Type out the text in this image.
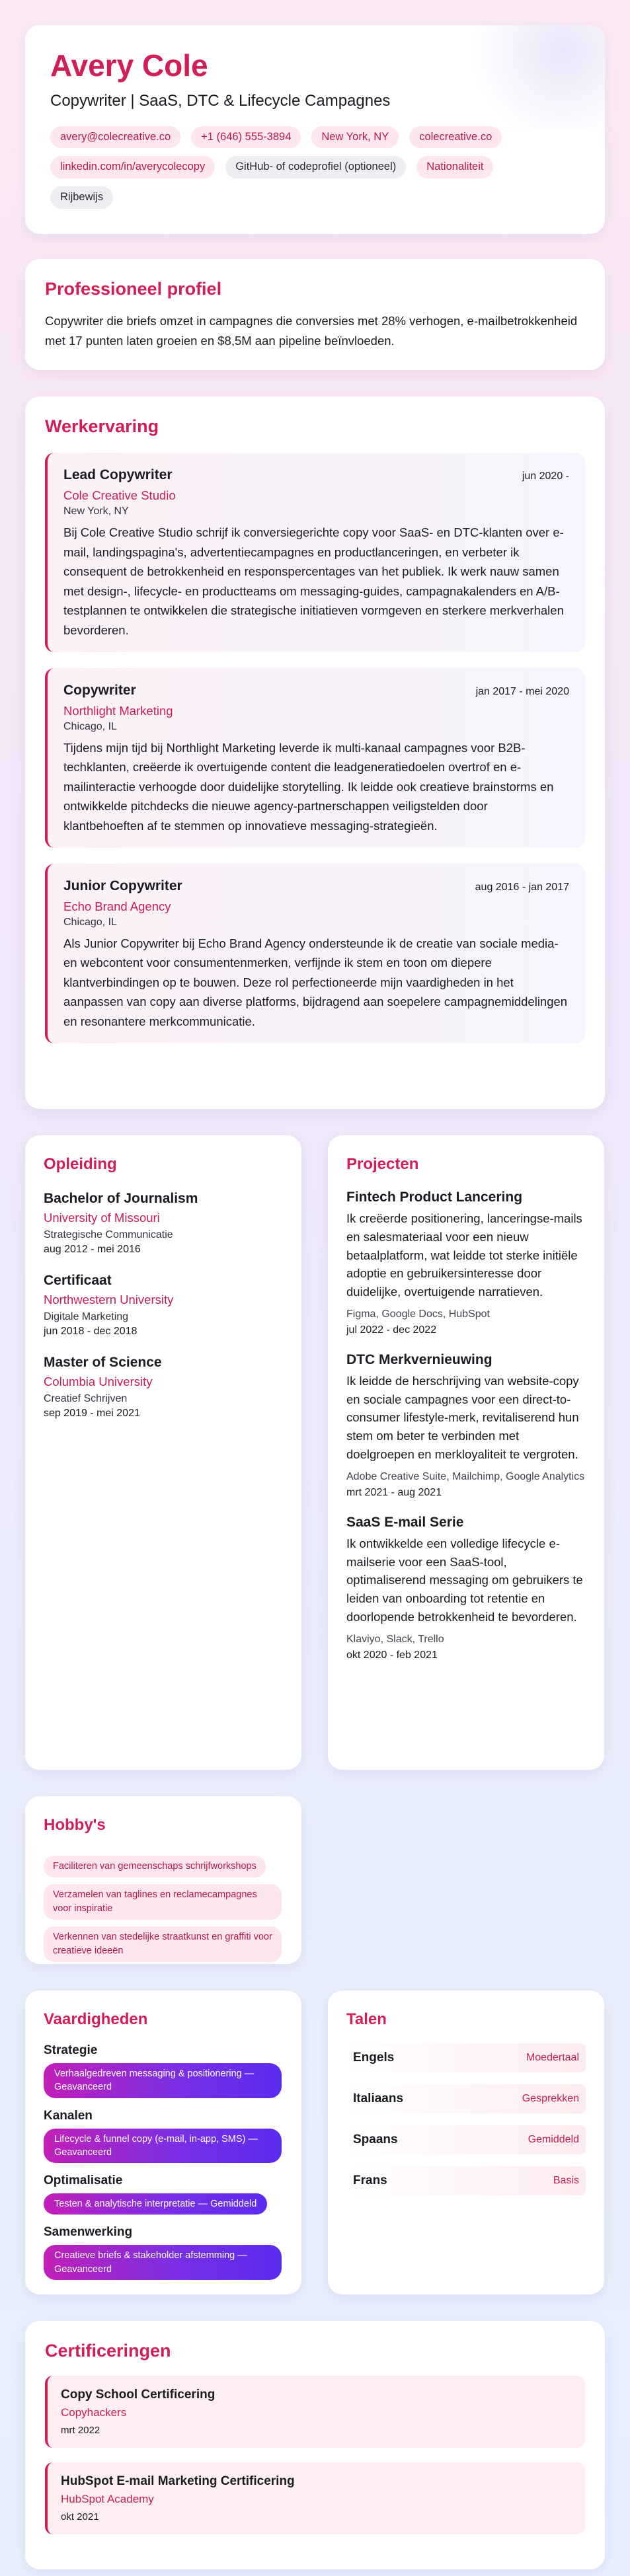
Avery Cole
Copywriter | SaaS, DTC & Lifecycle Campagnes
avery@colecreative.co	+1 (646) 555-3894	New York, NY	colecreative.co
linkedin.com/in/averycolecopy	GitHub- of codeprofiel (optioneel)	Nationaliteit
Rijbewijs
Professioneel profiel

Copywriter die briefs omzet in campagnes die conversies met 28% verhogen, e-mailbetrokkenheid met 17 punten laten groeien en $8,5M aan pipeline beïnvloeden.

Werkervaring
Lead Copywriter	jun 2020 -
Cole Creative Studio
New York, NY
Bij Cole Creative Studio schrijf ik conversiegerichte copy voor SaaS- en DTC-klanten over e-mail, landingspagina's, advertentiecampagnes en productlanceringen, en verbeter ik consequent de betrokkenheid en responspercentages van het publiek. Ik werk nauw samen met design-, lifecycle- en productteams om messaging-guides, campagnakalenders en A/B-testplannen te ontwikkelen die strategische initiatieven vormgeven en sterkere merkverhalen bevorderen.
Copywriter	jan 2017 - mei 2020
Northlight Marketing
Chicago, IL
Tijdens mijn tijd bij Northlight Marketing leverde ik multi-kanaal campagnes voor B2B-techklanten, creëerde ik overtuigende content die leadgeneratiedoelen overtrof en e-mailinteractie verhoogde door duidelijke storytelling. Ik leidde ook creatieve brainstorms en ontwikkelde pitchdecks die nieuwe agency-partnerschappen veiligstelden door klantbehoeften af te stemmen op innovatieve messaging-strategieën.
Junior Copywriter	aug 2016 - jan 2017
Echo Brand Agency
Chicago, IL
Als Junior Copywriter bij Echo Brand Agency ondersteunde ik de creatie van sociale media- en webcontent voor consumentenmerken, verfijnde ik stem en toon om diepere klantverbindingen op te bouwen. Deze rol perfectioneerde mijn vaardigheden in het aanpassen van copy aan diverse platforms, bijdragend aan soepelere campagnemiddelingen en resonantere merkcommunicatie.
Opleiding
Bachelor of Journalism
University of Missouri
Strategische Communicatie
aug 2012 - mei 2016
Certificaat
Northwestern University
Digitale Marketing
jun 2018 - dec 2018
Master of Science
Columbia University
Creatief Schrijven
sep 2019 - mei 2021
Projecten
Fintech Product Lancering
Ik creëerde positionering, lanceringse-mails en salesmateriaal voor een nieuw betaalplatform, wat leidde tot sterke initiële adoptie en gebruikersinteresse door duidelijke, overtuigende narratieven.
Figma, Google Docs, HubSpot
jul 2022 - dec 2022
DTC Merkvernieuwing
Ik leidde de herschrijving van website-copy en sociale campagnes voor een direct-to-consumer lifestyle-merk, revitaliserend hun stem om beter te verbinden met doelgroepen en merkloyaliteit te vergroten.
Adobe Creative Suite, Mailchimp, Google Analytics
mrt 2021 - aug 2021
SaaS E-mail Serie
Ik ontwikkelde een volledige lifecycle e-mailserie voor een SaaS-tool, optimaliserend messaging om gebruikers te leiden van onboarding tot retentie en doorlopende betrokkenheid te bevorderen.
Klaviyo, Slack, Trello
okt 2020 - feb 2021
Hobby's
Faciliteren van gemeenschaps schrijfworkshops
Verzamelen van taglines en reclamecampagnes voor inspiratie
Verkennen van stedelijke straatkunst en graffiti voor creatieve ideeën
Vaardigheden
Strategie
Verhaalgedreven messaging & positionering — Geavanceerd
Kanalen
Lifecycle & funnel copy (e-mail, in-app, SMS) — Geavanceerd
Optimalisatie
Testen & analytische interpretatie — Gemiddeld
Samenwerking
Creatieve briefs & stakeholder afstemming — Geavanceerd
Talen
Engels	Moedertaal
Italiaans	Gesprekken
Spaans	Gemiddeld
Frans	Basis
Certificeringen
Copy School Certificering
Copyhackers
mrt 2022
HubSpot E-mail Marketing Certificering
HubSpot Academy
okt 2021
